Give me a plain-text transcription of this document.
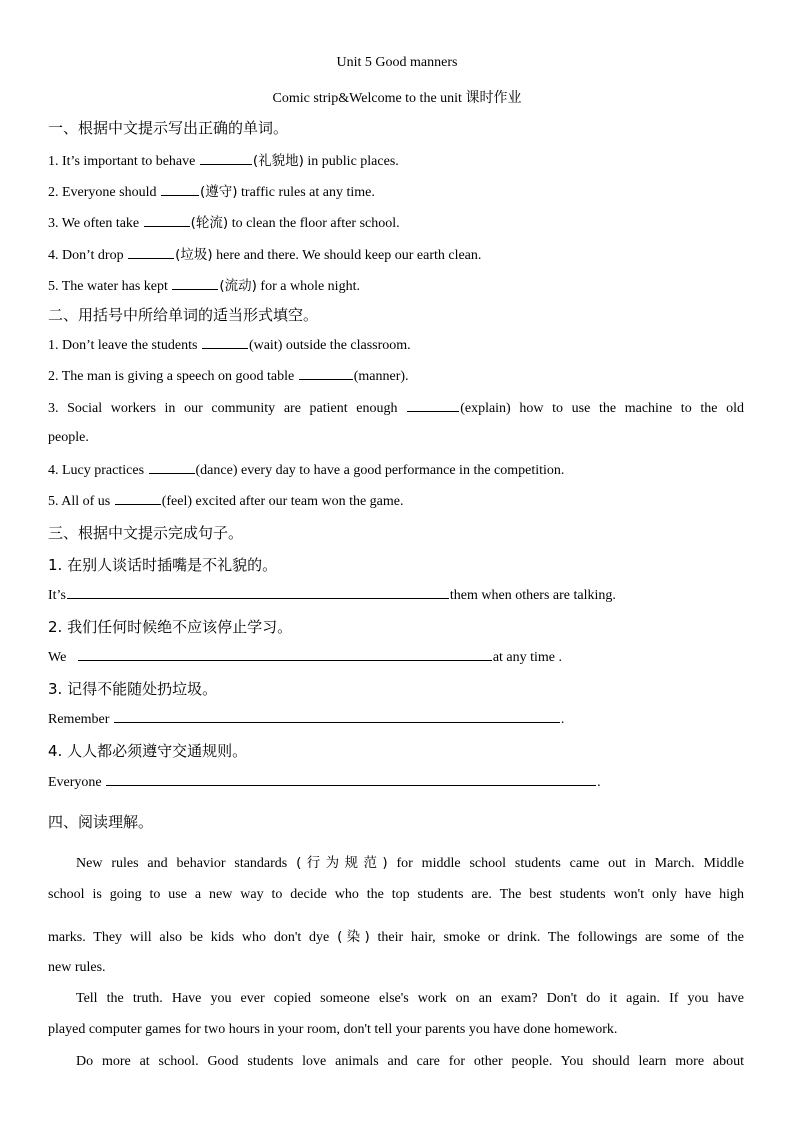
Unit 5 Good manners
Comic strip&Welcome to the unit 课时作业
一、根据中文提示写出正确的单词。
1. It’s important to behave	(礼貌地) in public places.
2. Everyone should	(遵守) traffic rules at any time.
3. We often take	(轮流) to clean the floor after school.
4. Don’t drop	(垃圾) here and there. We should keep our earth clean.
5. The water has kept	(流动) for a whole night.
二、用括号中所给单词的适当形式填空。
1. Don’t leave the students	(wait) outside the classroom.
2. The man is giving a speech on good table	(manner).
3. Social workers in our community are patient enough	(explain) how to use the machine to the old
people.
4. Lucy practices	(dance) every day to have a good performance in the competition.
5. All of us	(feel) excited after our team won the game.
三、根据中文提示完成句子。
1. 在别人谈话时插嘴是不礼貌的。
It’s	them when others are talking.
2. 我们任何时候绝不应该停止学习。
We	at any time .
3. 记得不能随处扔垃圾。
Remember	.
4. 人人都必须遵守交通规则。
Everyone	.
四、阅读理解。
New rules and behavior standards (行为规范) for middle school students came out in March. Middle
school is going to use a new way to decide who the top students are. The best students won't only have high
marks. They will also be kids who don't dye (染) their hair, smoke or drink. The followings are some of the
new rules.
Tell the truth. Have you ever copied someone else's work on an exam? Don't do it again. If you have
played computer games for two hours in your room, don't tell your parents you have done homework.
Do more at school. Good students love animals and care for other people. You should learn more about
